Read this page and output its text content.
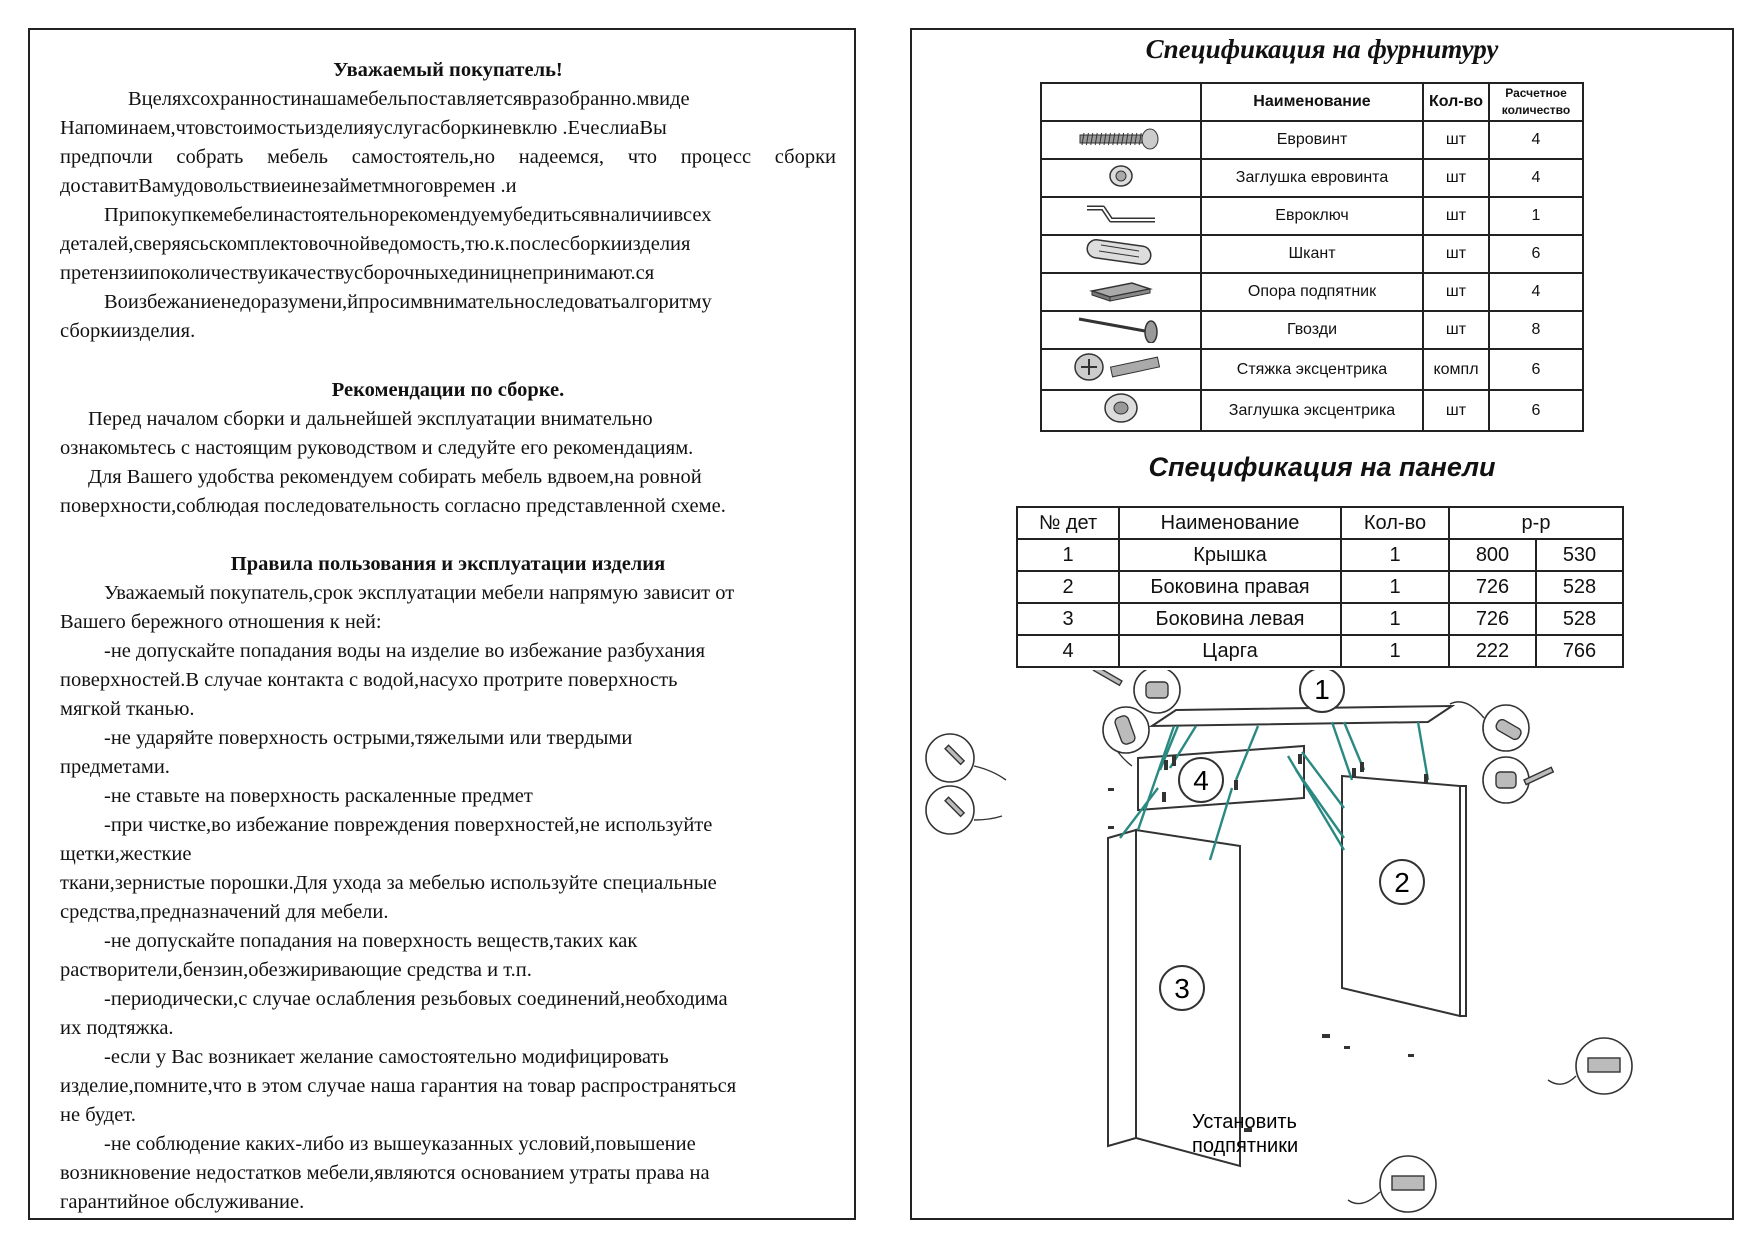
Уважаемый покупатель!

Вцеляхсохранностинашамебельпоставляетсявразобранно.мвиде

Напоминаем,чтовстоимостьизделияуслугасборкиневклю .ЕчеслиаВы

предпочли собрать мебель самостоятель,но надеемся, что процесс сборки

доставитВамудовольствиеинезайметмноговремен .и

Припокупкемебелинастоятельнорекомендуемубедитьсявналичиивсех

деталей,сверяясьскомплектовочнойведомость,тю.к.послесборкиизделия

претензиипоколичествуикачествусборочныхединицнепринимают.ся

Воизбежаниенедоразумени,йпросимвнимательноследоватьалгоритму

сборкиизделия.

Рекомендации по сборке.

Перед началом сборки и дальнейшей эксплуатации внимательно

ознакомьтесь с настоящим руководством и следуйте его рекомендациям.

Для Вашего удобства рекомендуем собирать мебель вдвоем,на ровной

поверхности,соблюдая последовательность согласно представленной схеме.

Правила пользования и эксплуатации изделия

Уважаемый покупатель,срок эксплуатации мебели напрямую зависит от

Вашего бережного отношения к ней:

-не допускайте попадания воды на изделие во избежание разбухания

поверхностей.В случае контакта с водой,насухо протрите поверхность

мягкой тканью.

-не ударяйте поверхность острыми,тяжелыми или твердыми

предметами.

-не ставьте на поверхность раскаленные предмет

-при чистке,во избежание повреждения поверхностей,не используйте щетки,жесткие

ткани,зернистые порошки.Для ухода за мебелью используйте специальные

средства,предназначений для мебели.

-не допускайте попадания на поверхность веществ,таких как

растворители,бензин,обезжиривающие средства и т.п.

-периодически,с случае ослабления резьбовых соединений,необходима

их подтяжка.

-если у Вас возникает желание самостоятельно модифицировать

изделие,помните,что в этом случае наша гарантия на товар распространяться

не будет.

-не соблюдение каких-либо из вышеуказанных условий,повышение

возникновение недостатков мебели,являются основанием утраты права на

гарантийное обслуживание.

Спецификация на фурнитуру
	Наименование	Кол-во	Расчетное количество
	Евровинт	шт	4
	Заглушка евровинта	шт	4
	Евроключ	шт	1
	Шкант	шт	6
	Опора подпятник	шт	4
	Гвозди	шт	8
	Стяжка эксцентрика	компл	6
	Заглушка эксцентрика	шт	6
Спецификация на панели
№ дет	Наименование	Кол-во	р-р	
1	Крышка	1	800	530
2	Боковина правая	1	726	528
3	Боковина левая	1	726	528
4	Царга	1	222	766
1
4
3
2
Установить
подпятники
